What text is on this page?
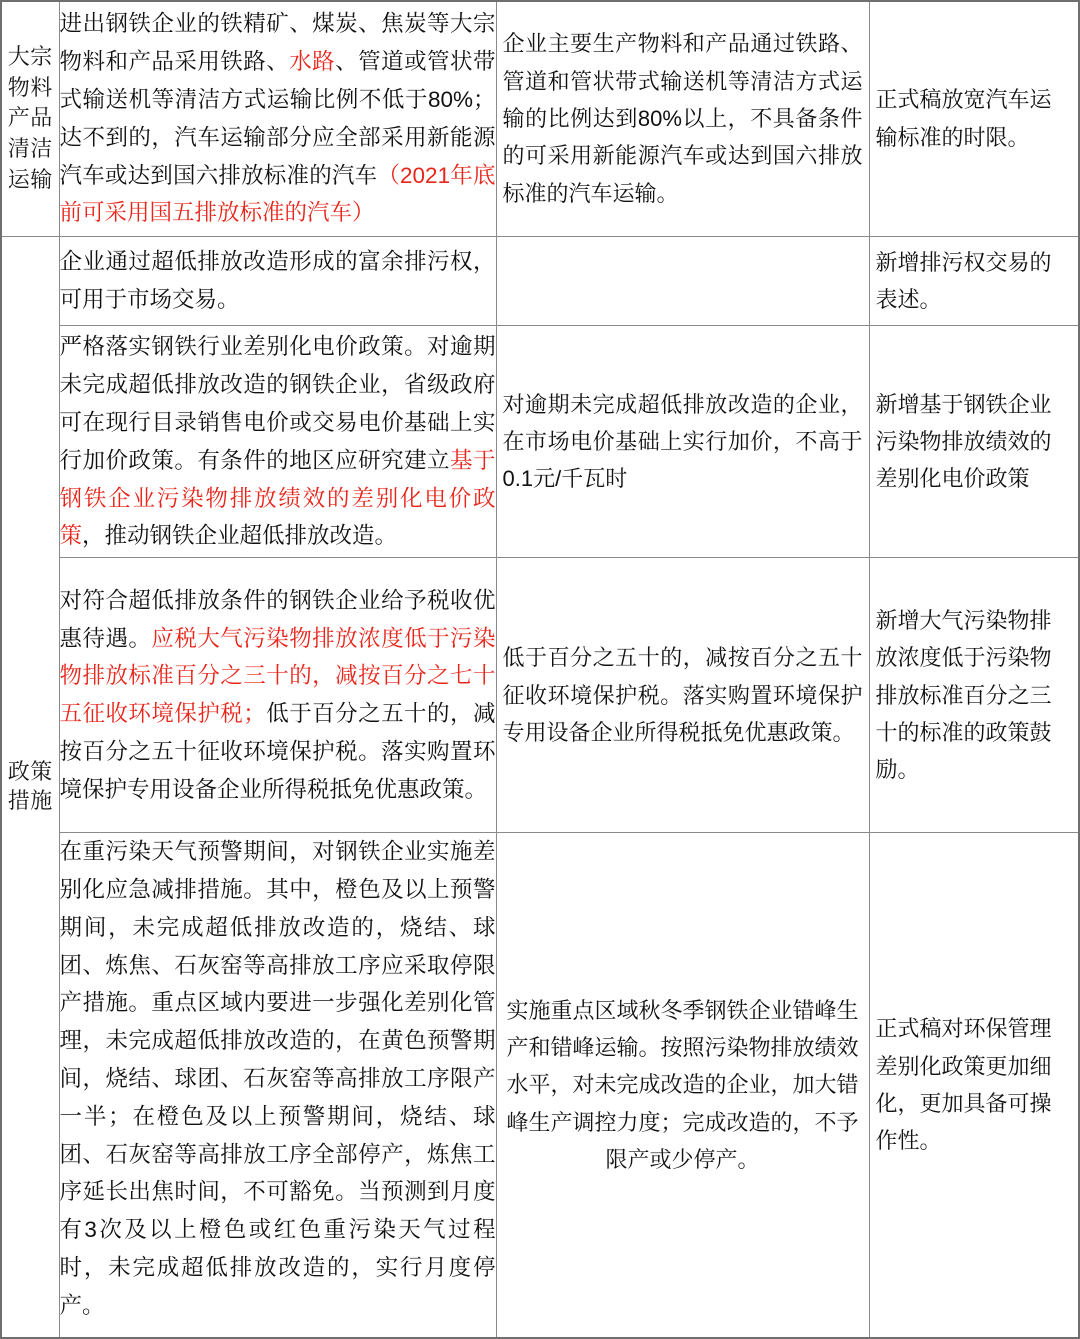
大宗
物料
产品
清洁
运输	进出钢铁企业的铁精矿、煤炭、焦炭等大宗物料和产品采用铁路、水路、管道或管状带式输送机等清洁方式运输比例不低于80%；达不到的，汽车运输部分应全部采用新能源汽车或达到国六排放标准的汽车（2021年底前可采用国五排放标准的汽车）	企业主要生产物料和产品通过铁路、管道和管状带式输送机等清洁方式运输的比例达到80%以上，不具备条件的可采用新能源汽车或达到国六排放标准的汽车运输。	正式稿放宽汽车运输标准的时限。

政策
措施	企业通过超低排放改造形成的富余排污权，可用于市场交易。		新增排污权交易的表述。
	严格落实钢铁行业差别化电价政策。对逾期未完成超低排放改造的钢铁企业，省级政府可在现行目录销售电价或交易电价基础上实行加价政策。有条件的地区应研究建立基于钢铁企业污染物排放绩效的差别化电价政策，推动钢铁企业超低排放改造。	对逾期未完成超低排放改造的企业，在市场电价基础上实行加价，不高于0.1元/千瓦时	新增基于钢铁企业污染物排放绩效的差别化电价政策
	对符合超低排放条件的钢铁企业给予税收优惠待遇。应税大气污染物排放浓度低于污染物排放标准百分之三十的，减按百分之七十五征收环境保护税；低于百分之五十的，减按百分之五十征收环境保护税。落实购置环境保护专用设备企业所得税抵免优惠政策。	低于百分之五十的，减按百分之五十征收环境保护税。落实购置环境保护专用设备企业所得税抵免优惠政策。	新增大气污染物排放浓度低于污染物排放标准百分之三十的标准的政策鼓励。
	在重污染天气预警期间，对钢铁企业实施差别化应急减排措施。其中，橙色及以上预警期间，未完成超低排放改造的，烧结、球团、炼焦、石灰窑等高排放工序应采取停限产措施。重点区域内要进一步强化差别化管理，未完成超低排放改造的，在黄色预警期间，烧结、球团、石灰窑等高排放工序限产一半；在橙色及以上预警期间，烧结、球团、石灰窑等高排放工序全部停产，炼焦工序延长出焦时间，不可豁免。当预测到月度有3次及以上橙色或红色重污染天气过程时，未完成超低排放改造的，实行月度停产。	实施重点区域秋冬季钢铁企业错峰生产和错峰运输。按照污染物排放绩效水平，对未完成改造的企业，加大错峰生产调控力度；完成改造的，不予限产或少停产。	正式稿对环保管理差别化政策更加细化，更加具备可操作性。
